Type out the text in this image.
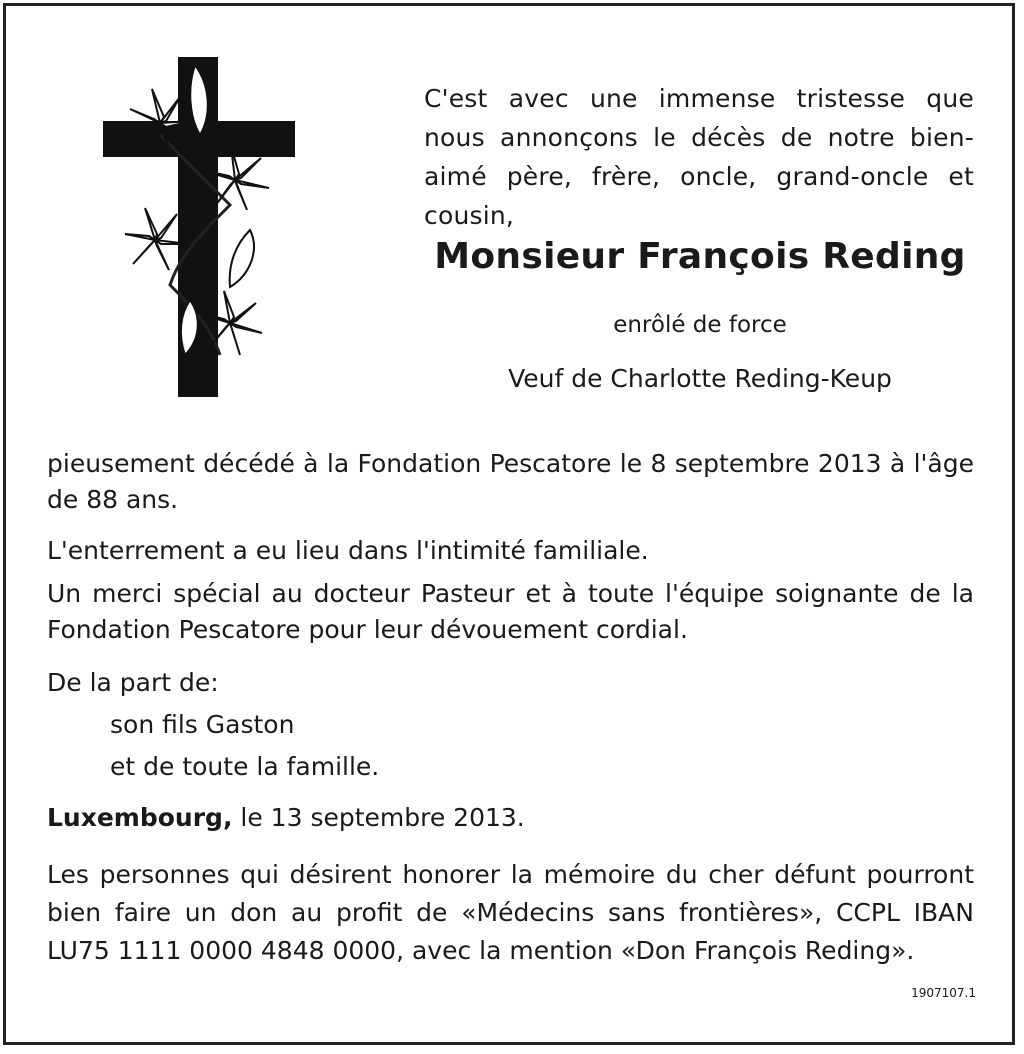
C'est avec une immense tristesse que nous annonçons le décès de notre bien-aimé père, frère, oncle, grand-oncle et cousin,

Monsieur François Reding
enrôlé de force
Veuf de Charlotte Reding-Keup

pieusement décédé à la Fondation Pescatore le 8 septembre 2013 à l'âge de 88 ans.

L'enterrement a eu lieu dans l'intimité familiale.

Un merci spécial au docteur Pasteur et à toute l'équipe soignante de la Fondation Pescatore pour leur dévouement cordial.

De la part de:

son fils Gaston
et de toute la famille.

Luxembourg, le 13 septembre 2013.

Les personnes qui désirent honorer la mémoire du cher défunt pourront bien faire un don au profit de «Médecins sans frontières», CCPL IBAN LU75 1111 0000 4848 0000, avec la mention «Don François Reding».

1907107.1
